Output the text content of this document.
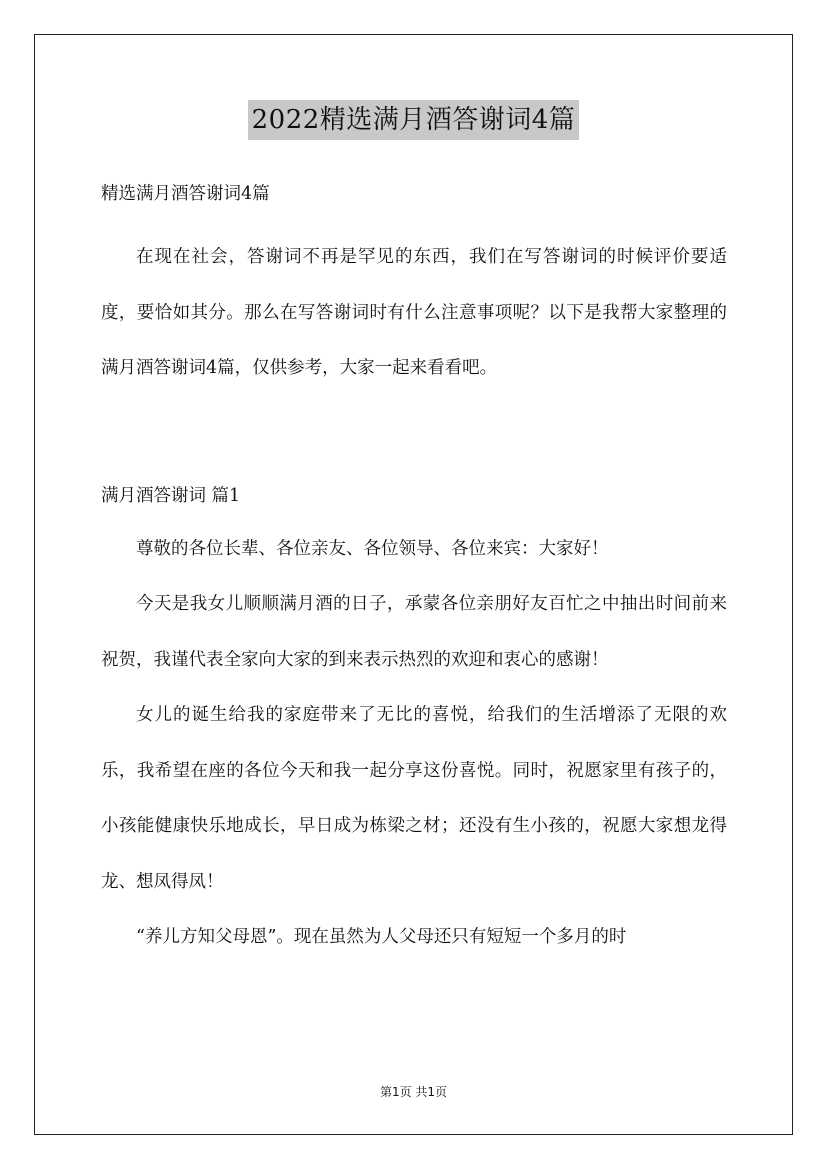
2022精选满月酒答谢词4篇
精选满月酒答谢词4篇

在现在社会，答谢词不再是罕见的东西，我们在写答谢词的时候评价要适度，要恰如其分。那么在写答谢词时有什么注意事项呢？以下是我帮大家整理的满月酒答谢词4篇，仅供参考，大家一起来看看吧。

满月酒答谢词 篇1

尊敬的各位长辈、各位亲友、各位领导、各位来宾：大家好！

今天是我女儿顺顺满月酒的日子，承蒙各位亲朋好友百忙之中抽出时间前来祝贺，我谨代表全家向大家的到来表示热烈的欢迎和衷心的感谢！

女儿的诞生给我的家庭带来了无比的喜悦，给我们的生活增添了无限的欢乐，我希望在座的各位今天和我一起分享这份喜悦。同时，祝愿家里有孩子的，小孩能健康快乐地成长，早日成为栋梁之材；还没有生小孩的，祝愿大家想龙得龙、想凤得凤！

“养儿方知父母恩”。现在虽然为人父母还只有短短一个多月的时

第1页 共1页
